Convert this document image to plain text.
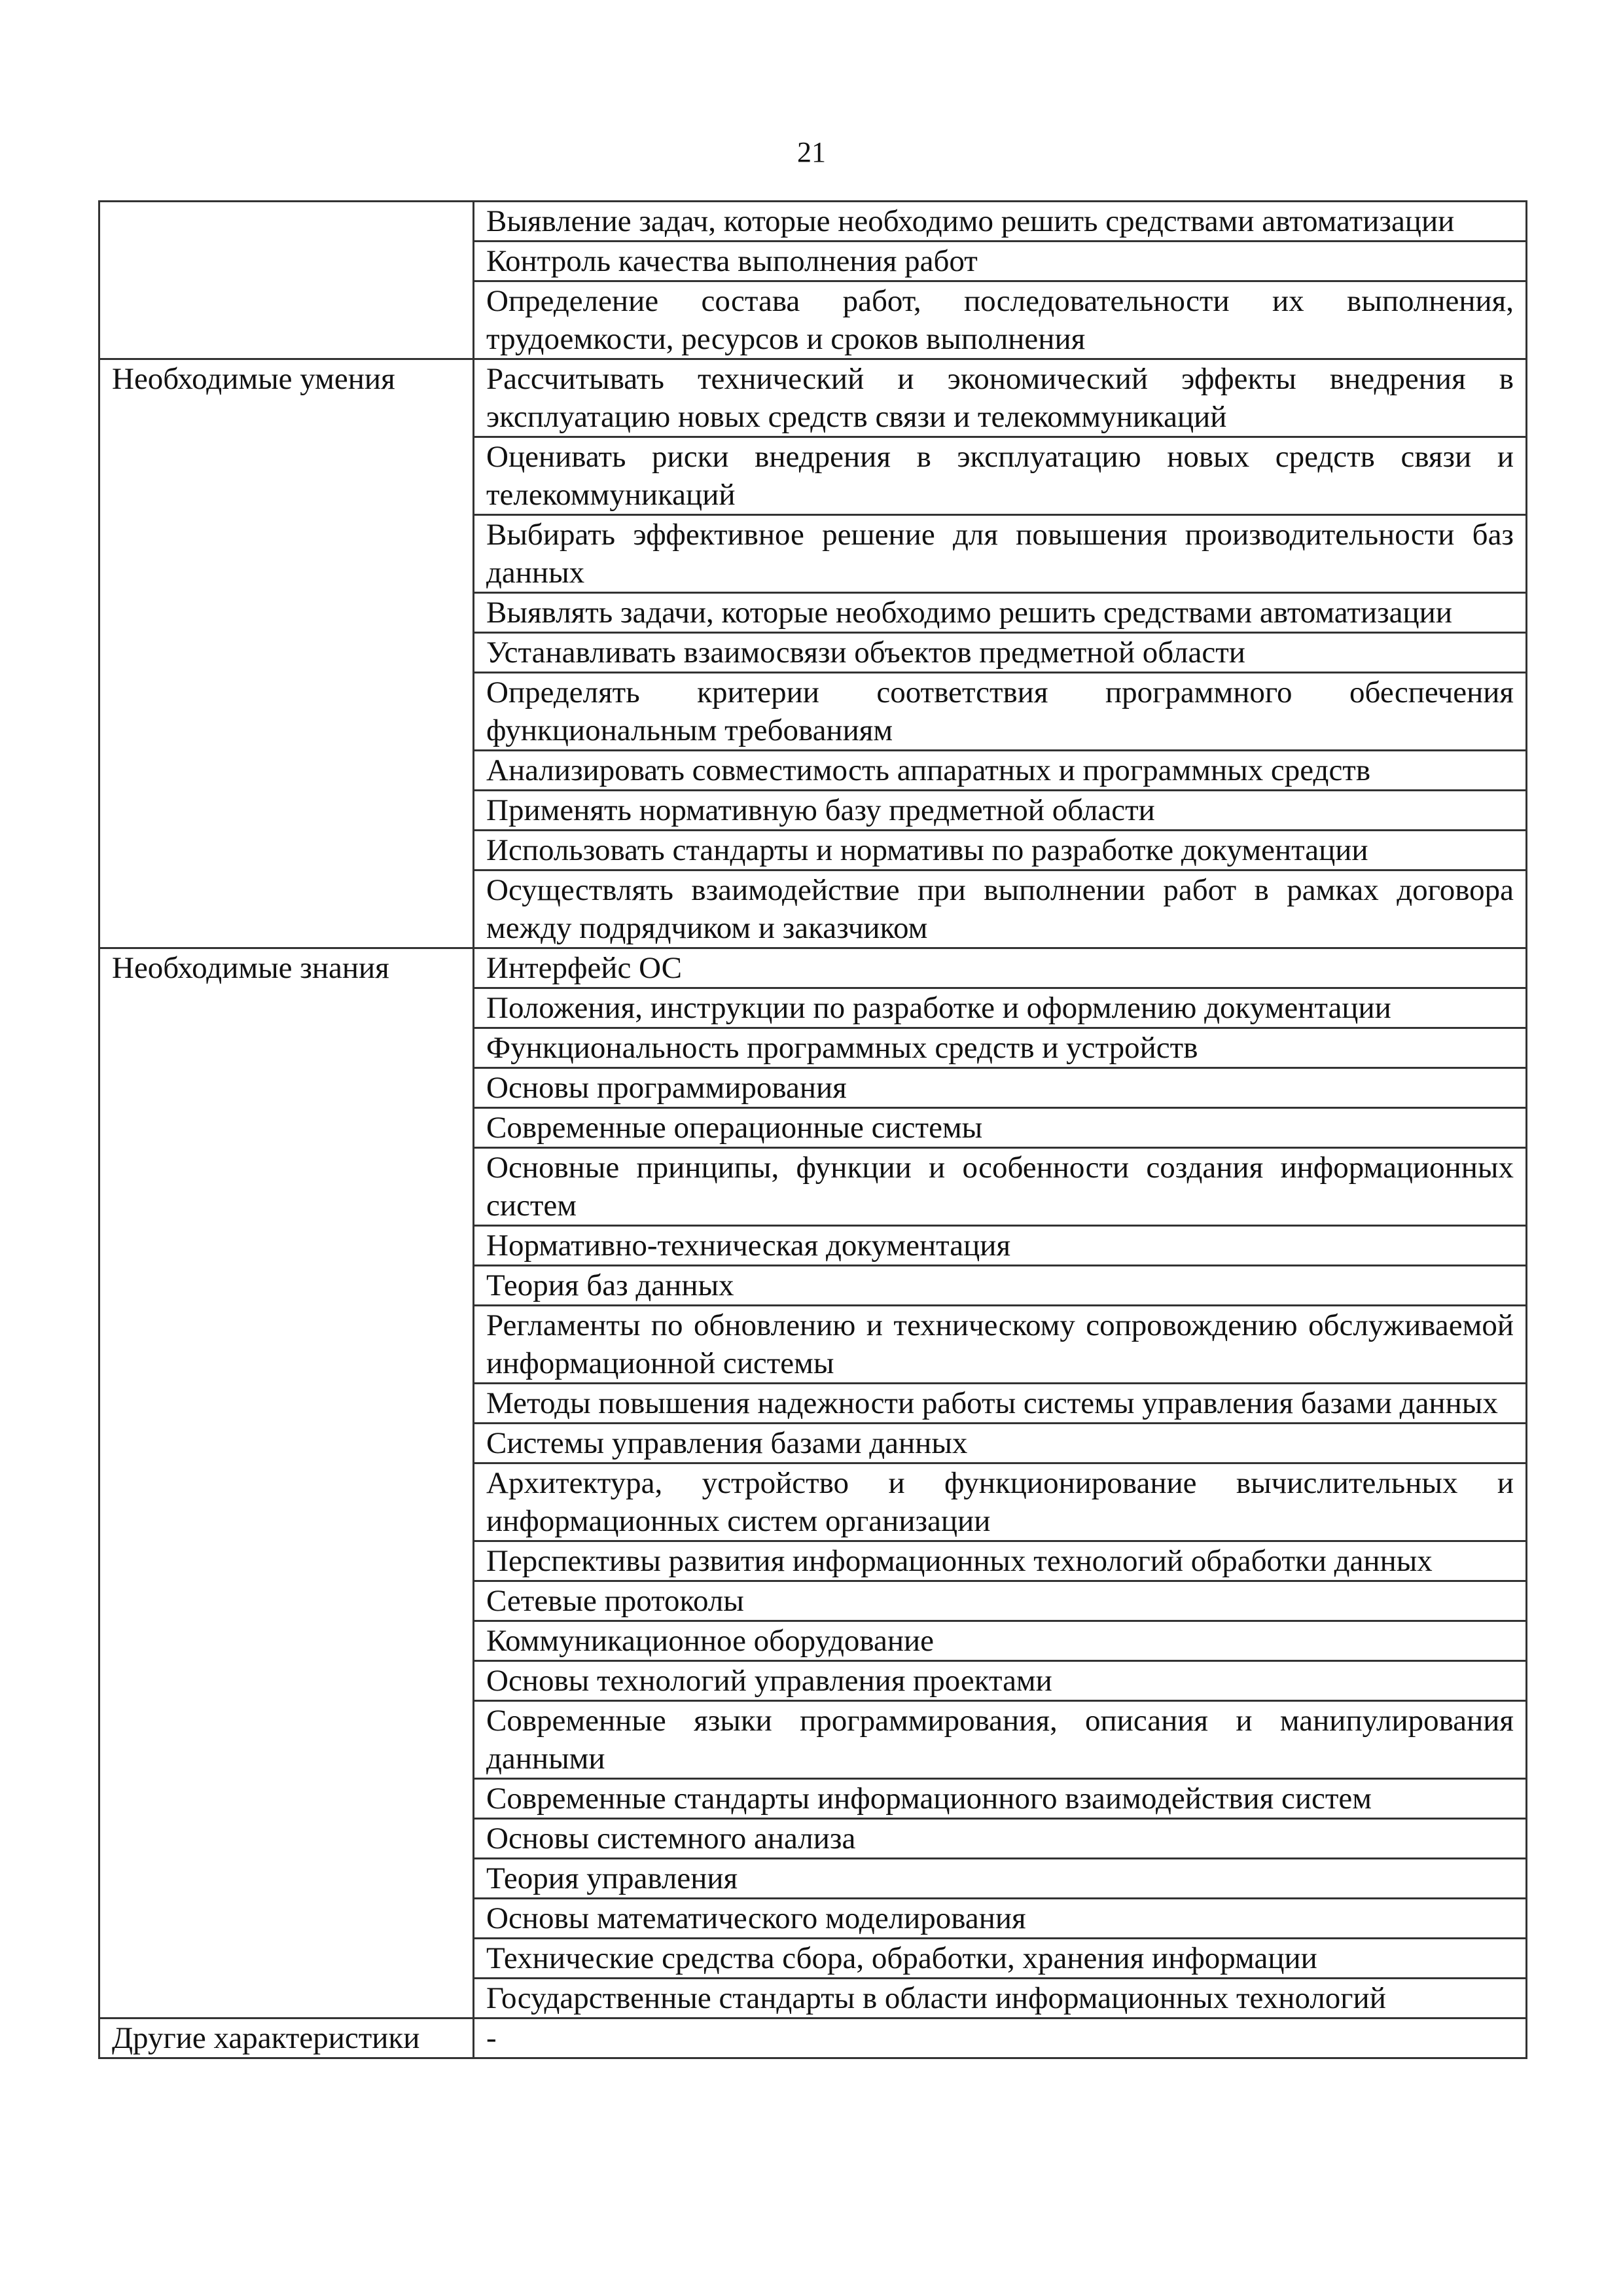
21
	Выявление задач, которые необходимо решить средствами автоматизации
	Контроль качества выполнения работ
	Определение состава работ, последовательности их выполнения, трудоемкости, ресурсов и сроков выполнения
Необходимые умения	Рассчитывать технический и экономический эффекты внедрения в эксплуатацию новых средств связи и телекоммуникаций
	Оценивать риски внедрения в эксплуатацию новых средств связи и телекоммуникаций
	Выбирать эффективное решение для повышения производительности баз данных
	Выявлять задачи, которые необходимо решить средствами автоматизации
	Устанавливать взаимосвязи объектов предметной области
	Определять критерии соответствия программного обеспечения функциональным требованиям
	Анализировать совместимость аппаратных и программных средств
	Применять нормативную базу предметной области
	Использовать стандарты и нормативы по разработке документации
	Осуществлять взаимодействие при выполнении работ в рамках договора между подрядчиком и заказчиком
Необходимые знания	Интерфейс ОС
	Положения, инструкции по разработке и оформлению документации
	Функциональность программных средств и устройств
	Основы программирования
	Современные операционные системы
	Основные принципы, функции и особенности создания информационных систем
	Нормативно-техническая документация
	Теория баз данных
	Регламенты по обновлению и техническому сопровождению обслуживаемой информационной системы
	Методы повышения надежности работы системы управления базами данных
	Системы управления базами данных
	Архитектура, устройство и функционирование вычислительных и информационных систем организации
	Перспективы развития информационных технологий обработки данных
	Сетевые протоколы
	Коммуникационное оборудование
	Основы технологий управления проектами
	Современные языки программирования, описания и манипулирования данными
	Современные стандарты информационного взаимодействия систем
	Основы системного анализа
	Теория управления
	Основы математического моделирования
	Технические средства сбора, обработки, хранения информации
	Государственные стандарты в области информационных технологий
Другие характеристики	-
